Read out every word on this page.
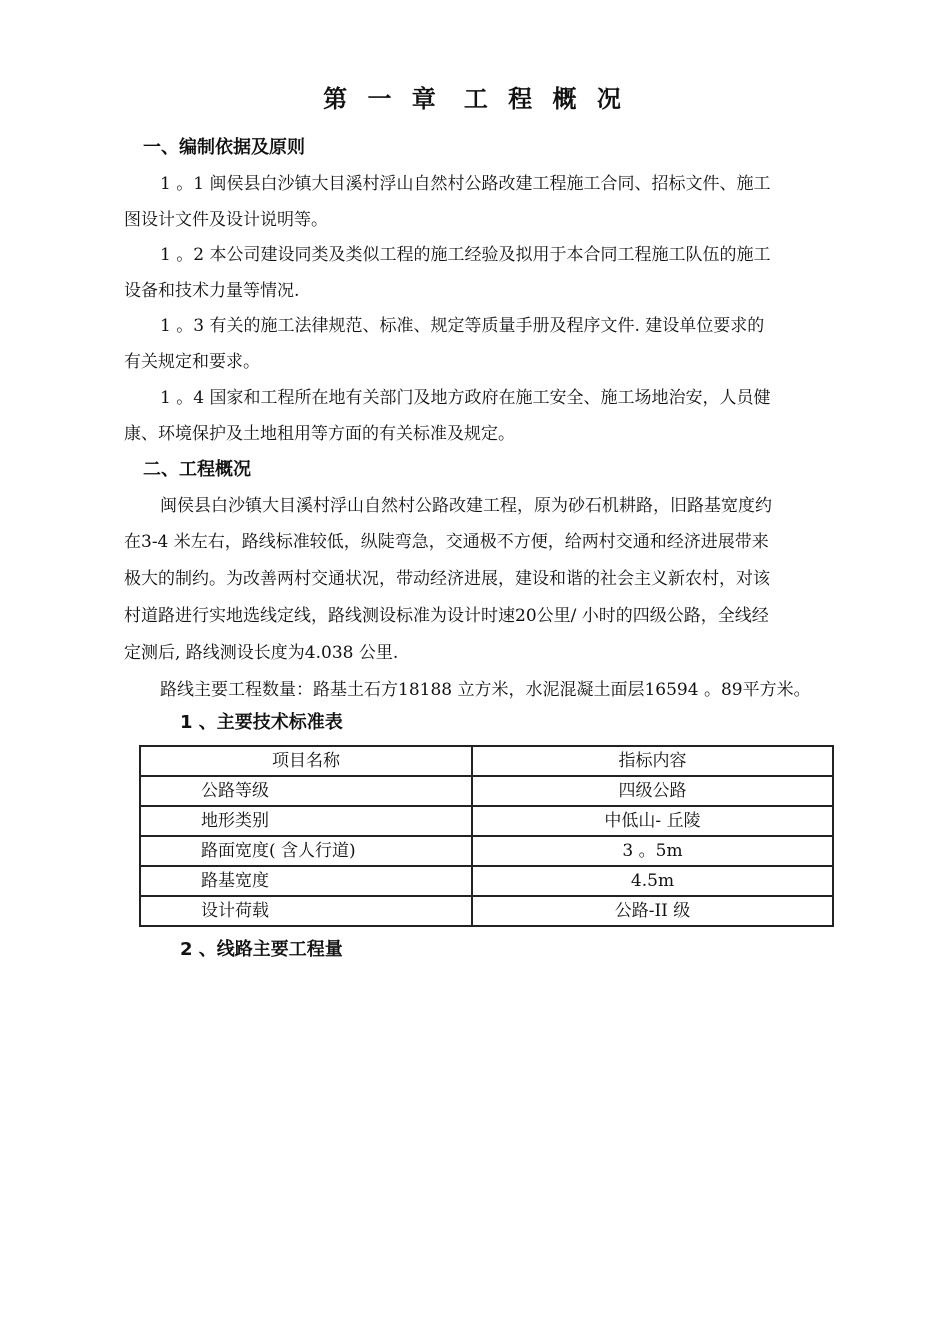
第 一 章 工 程 概 况
一、编制依据及原则
1 。1 闽侯县白沙镇大目溪村浮山自然村公路改建工程施工合同、招标文件、施工
图设计文件及设计说明等。
1 。2 本公司建设同类及类似工程的施工经验及拟用于本合同工程施工队伍的施工
设备和技术力量等情况.
1 。3 有关的施工法律规范、标准、规定等质量手册及程序文件. 建设单位要求的
有关规定和要求。
1 。4 国家和工程所在地有关部门及地方政府在施工安全、施工场地治安，人员健
康、环境保护及土地租用等方面的有关标准及规定。
二、工程概况
闽侯县白沙镇大目溪村浮山自然村公路改建工程，原为砂石机耕路，旧路基宽度约
在3-4 米左右，路线标准较低，纵陡弯急，交通极不方便，给两村交通和经济进展带来
极大的制约。为改善两村交通状况，带动经济进展，建设和谐的社会主义新农村，对该
村道路进行实地选线定线，路线测设标准为设计时速20公里/ 小时的四级公路，全线经
定测后, 路线测设长度为4.038 公里.
路线主要工程数量：路基土石方18188 立方米，水泥混凝土面层16594 。89平方米。
1 、主要技术标准表
项目名称	指标内容
公路等级	四级公路
地形类别	中低山- 丘陵
路面宽度( 含人行道)	3 。5m
路基宽度	4.5m
设计荷载	公路-II 级
2 、线路主要工程量
